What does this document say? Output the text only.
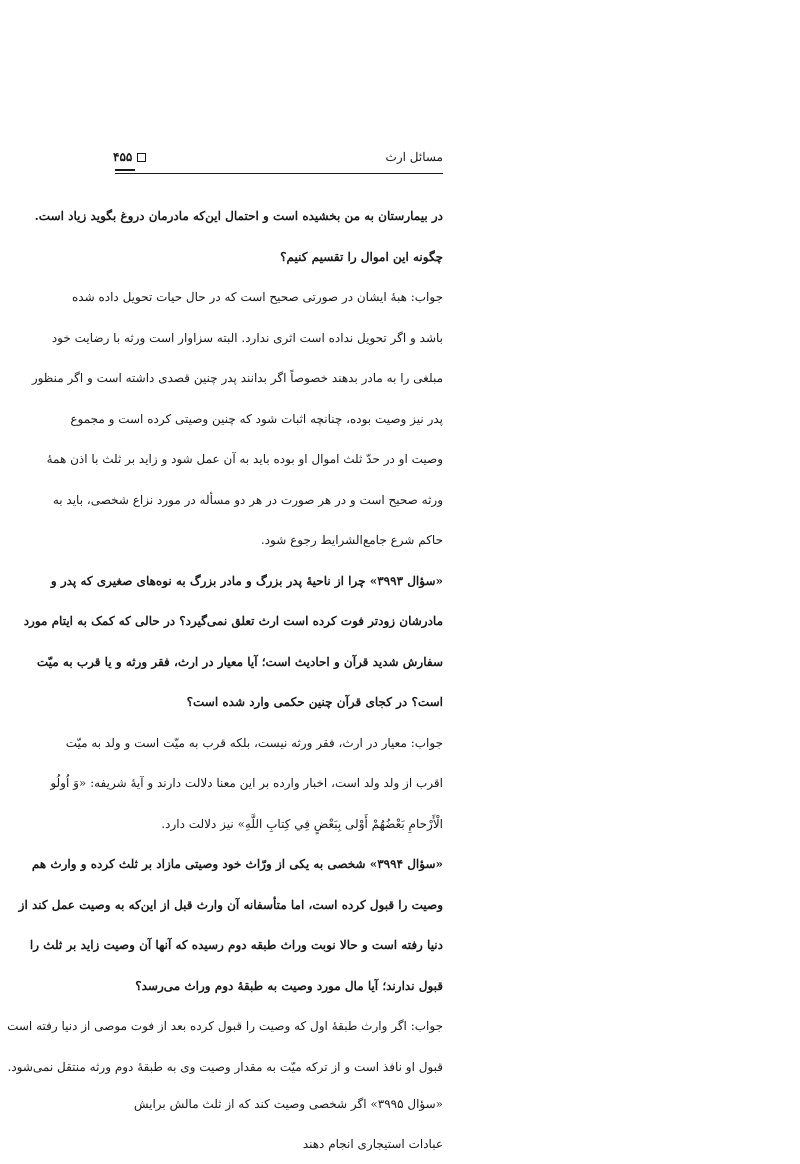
مسائل ارث
۴۵۵
در بیمارستان به من بخشیده است و احتمال این‌که مادرمان دروغ بگوید زیاد است.
چگونه این اموال را تقسیم کنیم؟
جواب: هبهٔ ایشان در صورتی صحیح است که در حال حیات تحویل داده شده
باشد و اگر تحویل نداده است اثری ندارد. البته سزاوار است ورثه با رضایت خود
مبلغی را به مادر بدهند خصوصاً اگر بدانند پدر چنین قصدی داشته است و اگر منظور
پدر نیز وصیت بوده، چنانچه اثبات شود که چنین وصیتی کرده است و مجموع
وصیت او در حدّ ثلث اموال او بوده باید به آن عمل شود و زاید بر ثلث با اذن همهٔ
ورثه صحیح است و در هر صورت در هر دو مسأله در مورد نزاع شخصی، باید به
حاکم شرع جامع‌الشرایط رجوع شود.
«سؤال ۳۹۹۳» چرا از ناحیهٔ پدر بزرگ و مادر بزرگ به نوه‌های صغیری که پدر و
مادرشان زودتر فوت کرده است ارث تعلق نمی‌گیرد؟ در حالی که کمک به ایتام مورد
سفارش شدید قرآن و احادیث است؛ آیا معیار در ارث، فقر ورثه و یا قرب به میّت
است؟ در کجای قرآن چنین حکمی وارد شده است؟
جواب: معیار در ارث، فقر ورثه نیست، بلکه قرب به میّت است و ولد به میّت
اقرب از ولد ولد است، اخبار وارده بر این معنا دلالت دارند و آیهٔ شریفه: «وَ اُولُو
الْأَرْحامِ بَعْضُهُمْ أَوْلى بِبَعْضٍ فِي كِتابِ اللَّهِ» نیز دلالت دارد.
«سؤال ۳۹۹۴» شخصی به یکی از ورّاث خود وصیتی مازاد بر ثلث کرده و وارث هم
وصیت را قبول کرده است، اما متأسفانه آن وارث قبل از این‌که به وصیت عمل کند از
دنیا رفته است و حالا نوبت وراث طبقه دوم رسیده که آنها آن وصیت زاید بر ثلث را
قبول ندارند؛ آیا مال مورد وصیت به طبقهٔ دوم وراث می‌رسد؟
جواب: اگر وارث طبقهٔ اول که وصیت را قبول کرده بعد از فوت موصی از دنیا رفته است
قبول او نافذ است و از ترکه میّت به مقدار وصیت وی به طبقهٔ دوم ورثه منتقل نمی‌شود.
«سؤال ۳۹۹۵» اگر شخصی وصیت کند که از ثلث مالش برایش عبادات استیجاری انجام دهند
